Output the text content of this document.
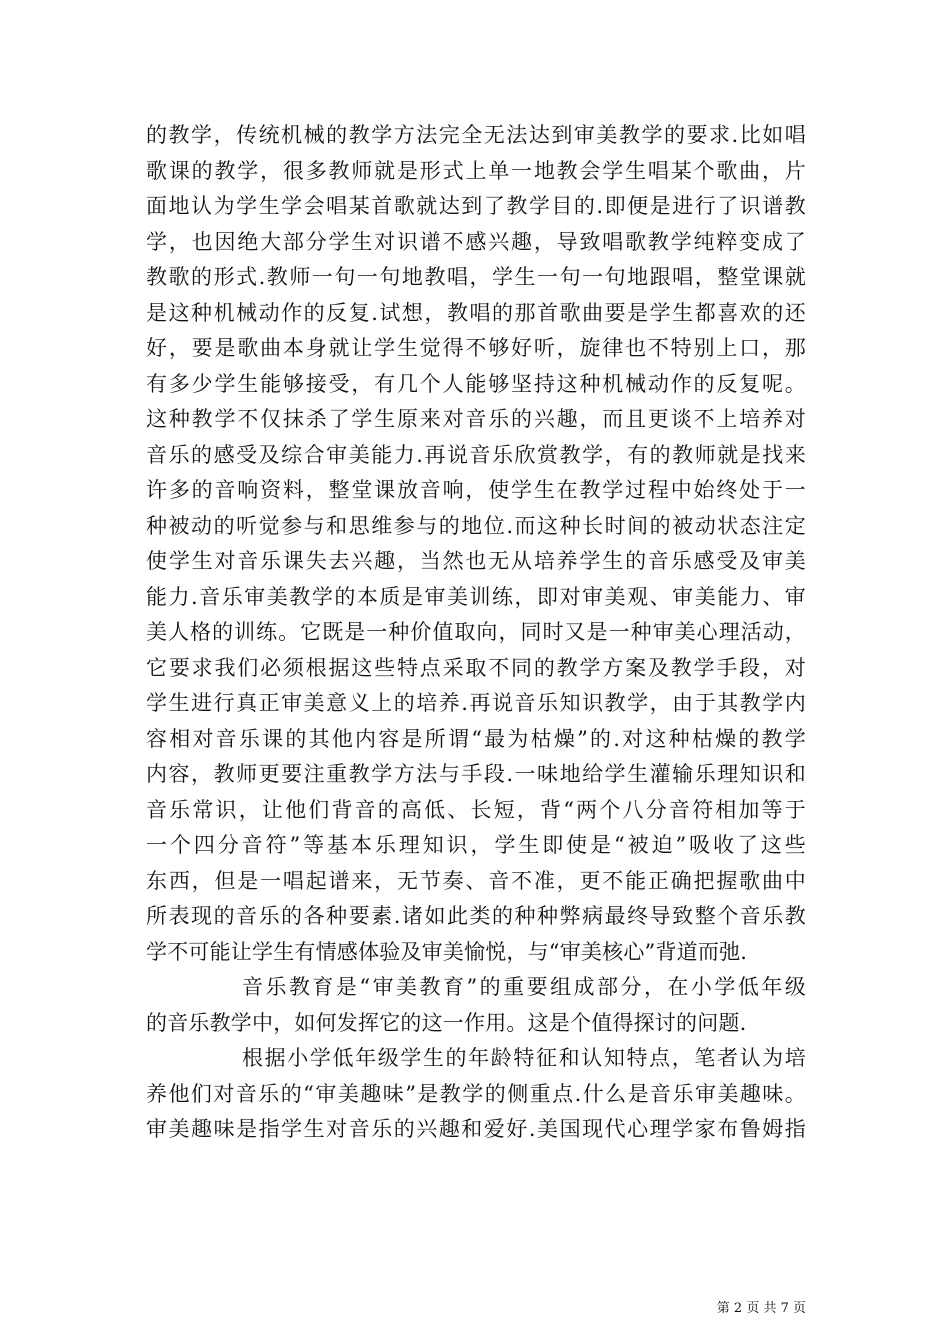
的教学，传统机械的教学方法完全无法达到审美教学的要求.比如唱
歌课的教学，很多教师就是形式上单一地教会学生唱某个歌曲，片
面地认为学生学会唱某首歌就达到了教学目的.即便是进行了识谱教
学，也因绝大部分学生对识谱不感兴趣，导致唱歌教学纯粹变成了
教歌的形式.教师一句一句地教唱，学生一句一句地跟唱，整堂课就
是这种机械动作的反复.试想，教唱的那首歌曲要是学生都喜欢的还
好，要是歌曲本身就让学生觉得不够好听，旋律也不特别上口，那
有多少学生能够接受，有几个人能够坚持这种机械动作的反复呢。
这种教学不仅抹杀了学生原来对音乐的兴趣，而且更谈不上培养对
音乐的感受及综合审美能力.再说音乐欣赏教学，有的教师就是找来
许多的音响资料，整堂课放音响，使学生在教学过程中始终处于一
种被动的听觉参与和思维参与的地位.而这种长时间的被动状态注定
使学生对音乐课失去兴趣，当然也无从培养学生的音乐感受及审美
能力.音乐审美教学的本质是审美训练，即对审美观、审美能力、审
美人格的训练。它既是一种价值取向，同时又是一种审美心理活动，
它要求我们必须根据这些特点采取不同的教学方案及教学手段，对
学生进行真正审美意义上的培养.再说音乐知识教学，由于其教学内
容相对音乐课的其他内容是所谓“最为枯燥”的.对这种枯燥的教学
内容，教师更要注重教学方法与手段.一味地给学生灌输乐理知识和
音乐常识，让他们背音的高低、长短，背“两个八分音符相加等于
一个四分音符”等基本乐理知识，学生即使是“被迫”吸收了这些
东西，但是一唱起谱来，无节奏、音不准，更不能正确把握歌曲中
所表现的音乐的各种要素.诸如此类的种种弊病最终导致整个音乐教
学不可能让学生有情感体验及审美愉悦，与“审美核心”背道而弛.
音乐教育是“审美教育”的重要组成部分，在小学低年级
的音乐教学中，如何发挥它的这一作用。这是个值得探讨的问题.
根据小学低年级学生的年龄特征和认知特点，笔者认为培
养他们对音乐的“审美趣味”是教学的侧重点.什么是音乐审美趣味。
审美趣味是指学生对音乐的兴趣和爱好.美国现代心理学家布鲁姆指
第 2 页 共 7 页
